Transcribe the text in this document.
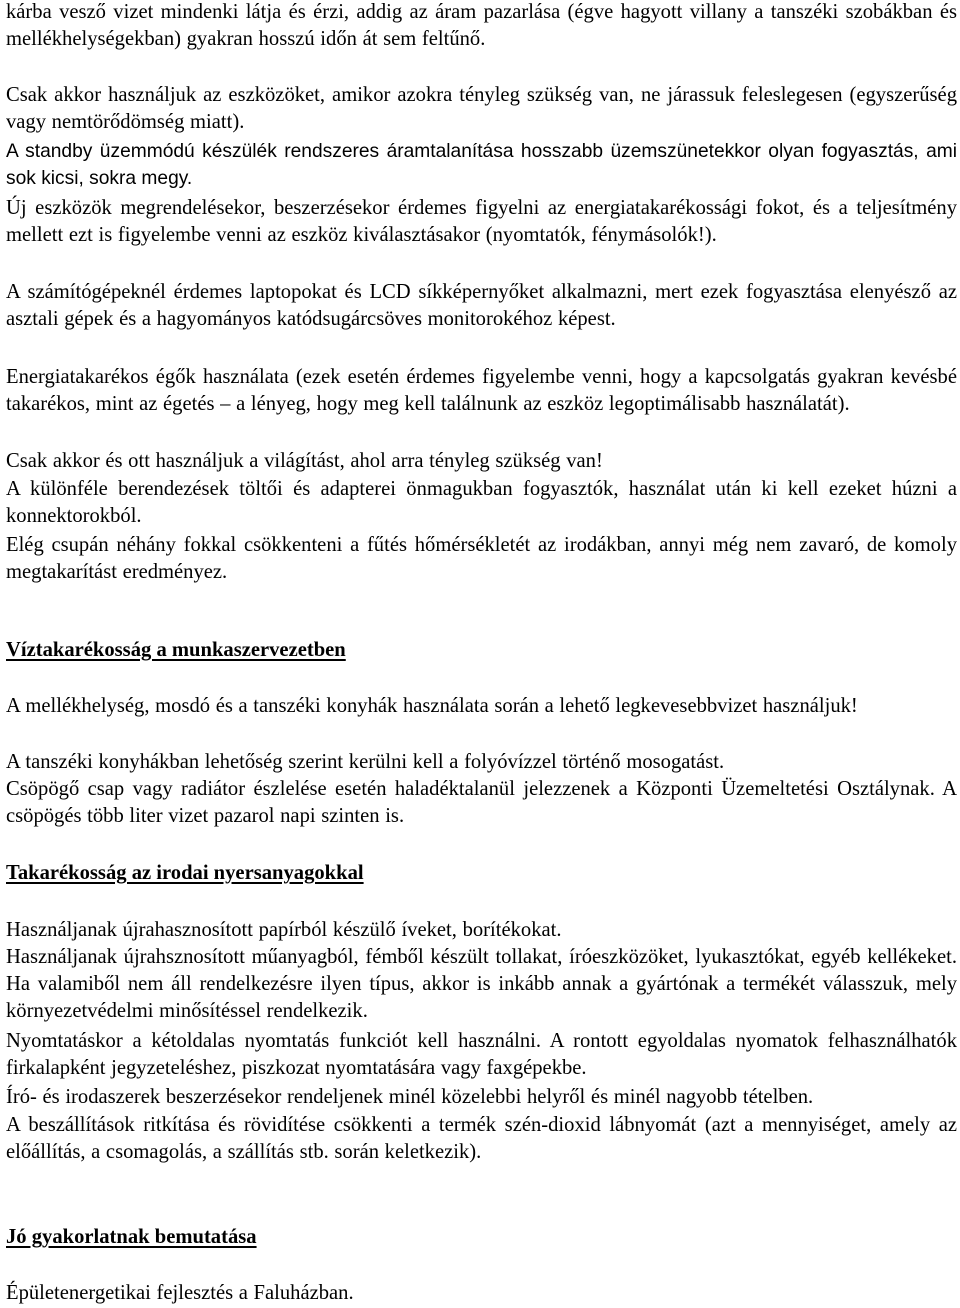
kárba vesző vizet mindenki látja és érzi, addig az áram pazarlása (égve hagyott villany a tanszéki szobákban és mellékhelységekban) gyakran hosszú időn át sem feltűnő.

Csak akkor használjuk az eszközöket, amikor azokra tényleg szükség van, ne járassuk feleslegesen (egyszerűség vagy nemtörődömség miatt).

A standby üzemmódú készülék rendszeres áramtalanítása hosszabb üzemszünetekkor olyan fogyasztás, ami sok kicsi, sokra megy.

Új eszközök megrendelésekor, beszerzésekor érdemes figyelni az energiatakarékossági fokot, és a teljesítmény mellett ezt is figyelembe venni az eszköz kiválasztásakor (nyomtatók, fénymásolók!).

A számítógépeknél érdemes laptopokat és LCD síkképernyőket alkalmazni, mert ezek fogyasztása elenyésző az asztali gépek és a hagyományos katódsugárcsöves monitorokéhoz képest.

Energiatakarékos égők használata (ezek esetén érdemes figyelembe venni, hogy a kapcsolgatás gyakran kevésbé takarékos, mint az égetés – a lényeg, hogy meg kell találnunk az eszköz legoptimálisabb használatát).

Csak akkor és ott használjuk a világítást, ahol arra tényleg szükség van!

A különféle berendezések töltői és adapterei önmagukban fogyasztók, használat után ki kell ezeket húzni a konnektorokból.

Elég csupán néhány fokkal csökkenteni a fűtés hőmérsékletét az irodákban, annyi még nem zavaró, de komoly megtakarítást eredményez.

Víztakarékosság a munkaszervezetben

A mellékhelység, mosdó és a tanszéki konyhák használata során a lehető legkevesebbvizet használjuk!

A tanszéki konyhákban lehetőség szerint kerülni kell a folyóvízzel történő mosogatást.

Csöpögő csap vagy radiátor észlelése esetén haladéktalanül jelezzenek a Központi Üzemeltetési Osztálynak. A csöpögés több liter vizet pazarol napi szinten is.

Takarékosság az irodai nyersanyagokkal

Használjanak újrahasznosított papírból készülő íveket, borítékokat.

Használjanak újrahsznosított műanyagból, fémből készült tollakat, íróeszközöket, lyukasztókat, egyéb kellékeket. Ha valamiből nem áll rendelkezésre ilyen típus, akkor is inkább annak a gyártónak a termékét válasszuk, mely környezetvédelmi minősítéssel rendelkezik.

Nyomtatáskor a kétoldalas nyomtatás funkciót kell használni. A rontott egyoldalas nyomatok felhasználhatók firkalapként jegyzeteléshez, piszkozat nyomtatására vagy faxgépekbe.

Író- és irodaszerek beszerzésekor rendeljenek minél közelebbi helyről és minél nagyobb tételben.

A beszállítások ritkítása és rövidítése csökkenti a termék szén-dioxid lábnyomát (azt a mennyiséget, amely az előállítás, a csomagolás, a szállítás stb. során keletkezik).

Jó gyakorlatnak bemutatása

Épületenergetikai fejlesztés a Faluházban.
